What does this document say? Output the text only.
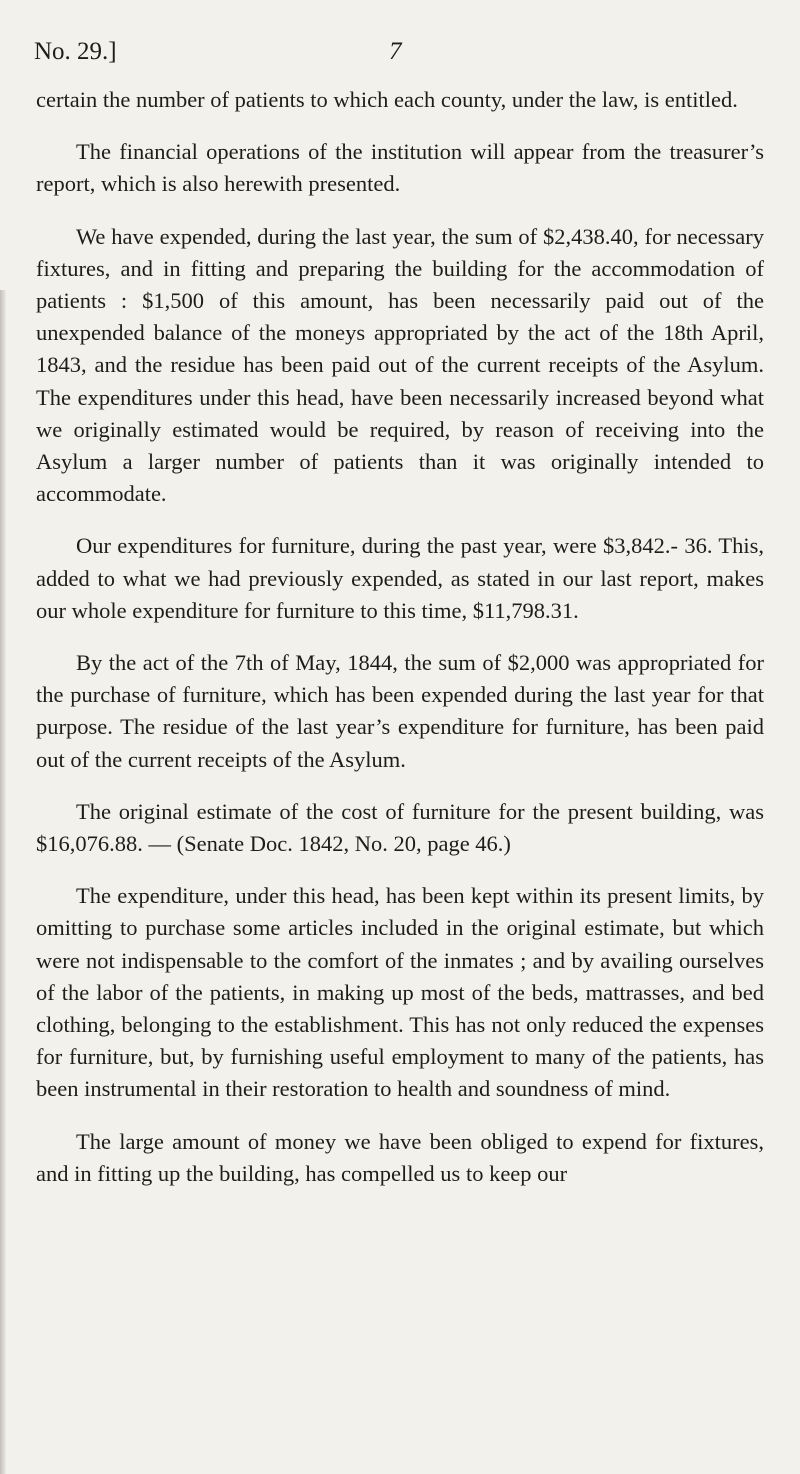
No. 29.]	7

certain the number of patients to which each county, under the law, is entitled.

The financial operations of the institution will appear from the treasurer’s report, which is also herewith presented.

We have expended, during the last year, the sum of $2,438.40, for necessary fixtures, and in fitting and preparing the building for the accommodation of patients : $1,500 of this amount, has been necessarily paid out of the unexpended balance of the moneys appropriated by the act of the 18th April, 1843, and the residue has been paid out of the current receipts of the Asylum. The expenditures under this head, have been necessarily increased beyond what we originally estimated would be required, by reason of receiving into the Asylum a larger number of patients than it was originally intended to accommodate.

Our expenditures for furniture, during the past year, were $3,842.- 36. This, added to what we had previously expended, as stated in our last report, makes our whole expenditure for furniture to this time, $11,798.31.

By the act of the 7th of May, 1844, the sum of $2,000 was appropriated for the purchase of furniture, which has been expended during the last year for that purpose. The residue of the last year’s expenditure for furniture, has been paid out of the current receipts of the Asylum.

The original estimate of the cost of furniture for the present building, was $16,076.88. — (Senate Doc. 1842, No. 20, page 46.)

The expenditure, under this head, has been kept within its present limits, by omitting to purchase some articles included in the original estimate, but which were not indispensable to the comfort of the inmates ; and by availing ourselves of the labor of the patients, in making up most of the beds, mattrasses, and bed clothing, belonging to the establishment. This has not only reduced the expenses for furniture, but, by furnishing useful employment to many of the patients, has been instrumental in their restoration to health and soundness of mind.

The large amount of money we have been obliged to expend for fixtures, and in fitting up the building, has compelled us to keep our
